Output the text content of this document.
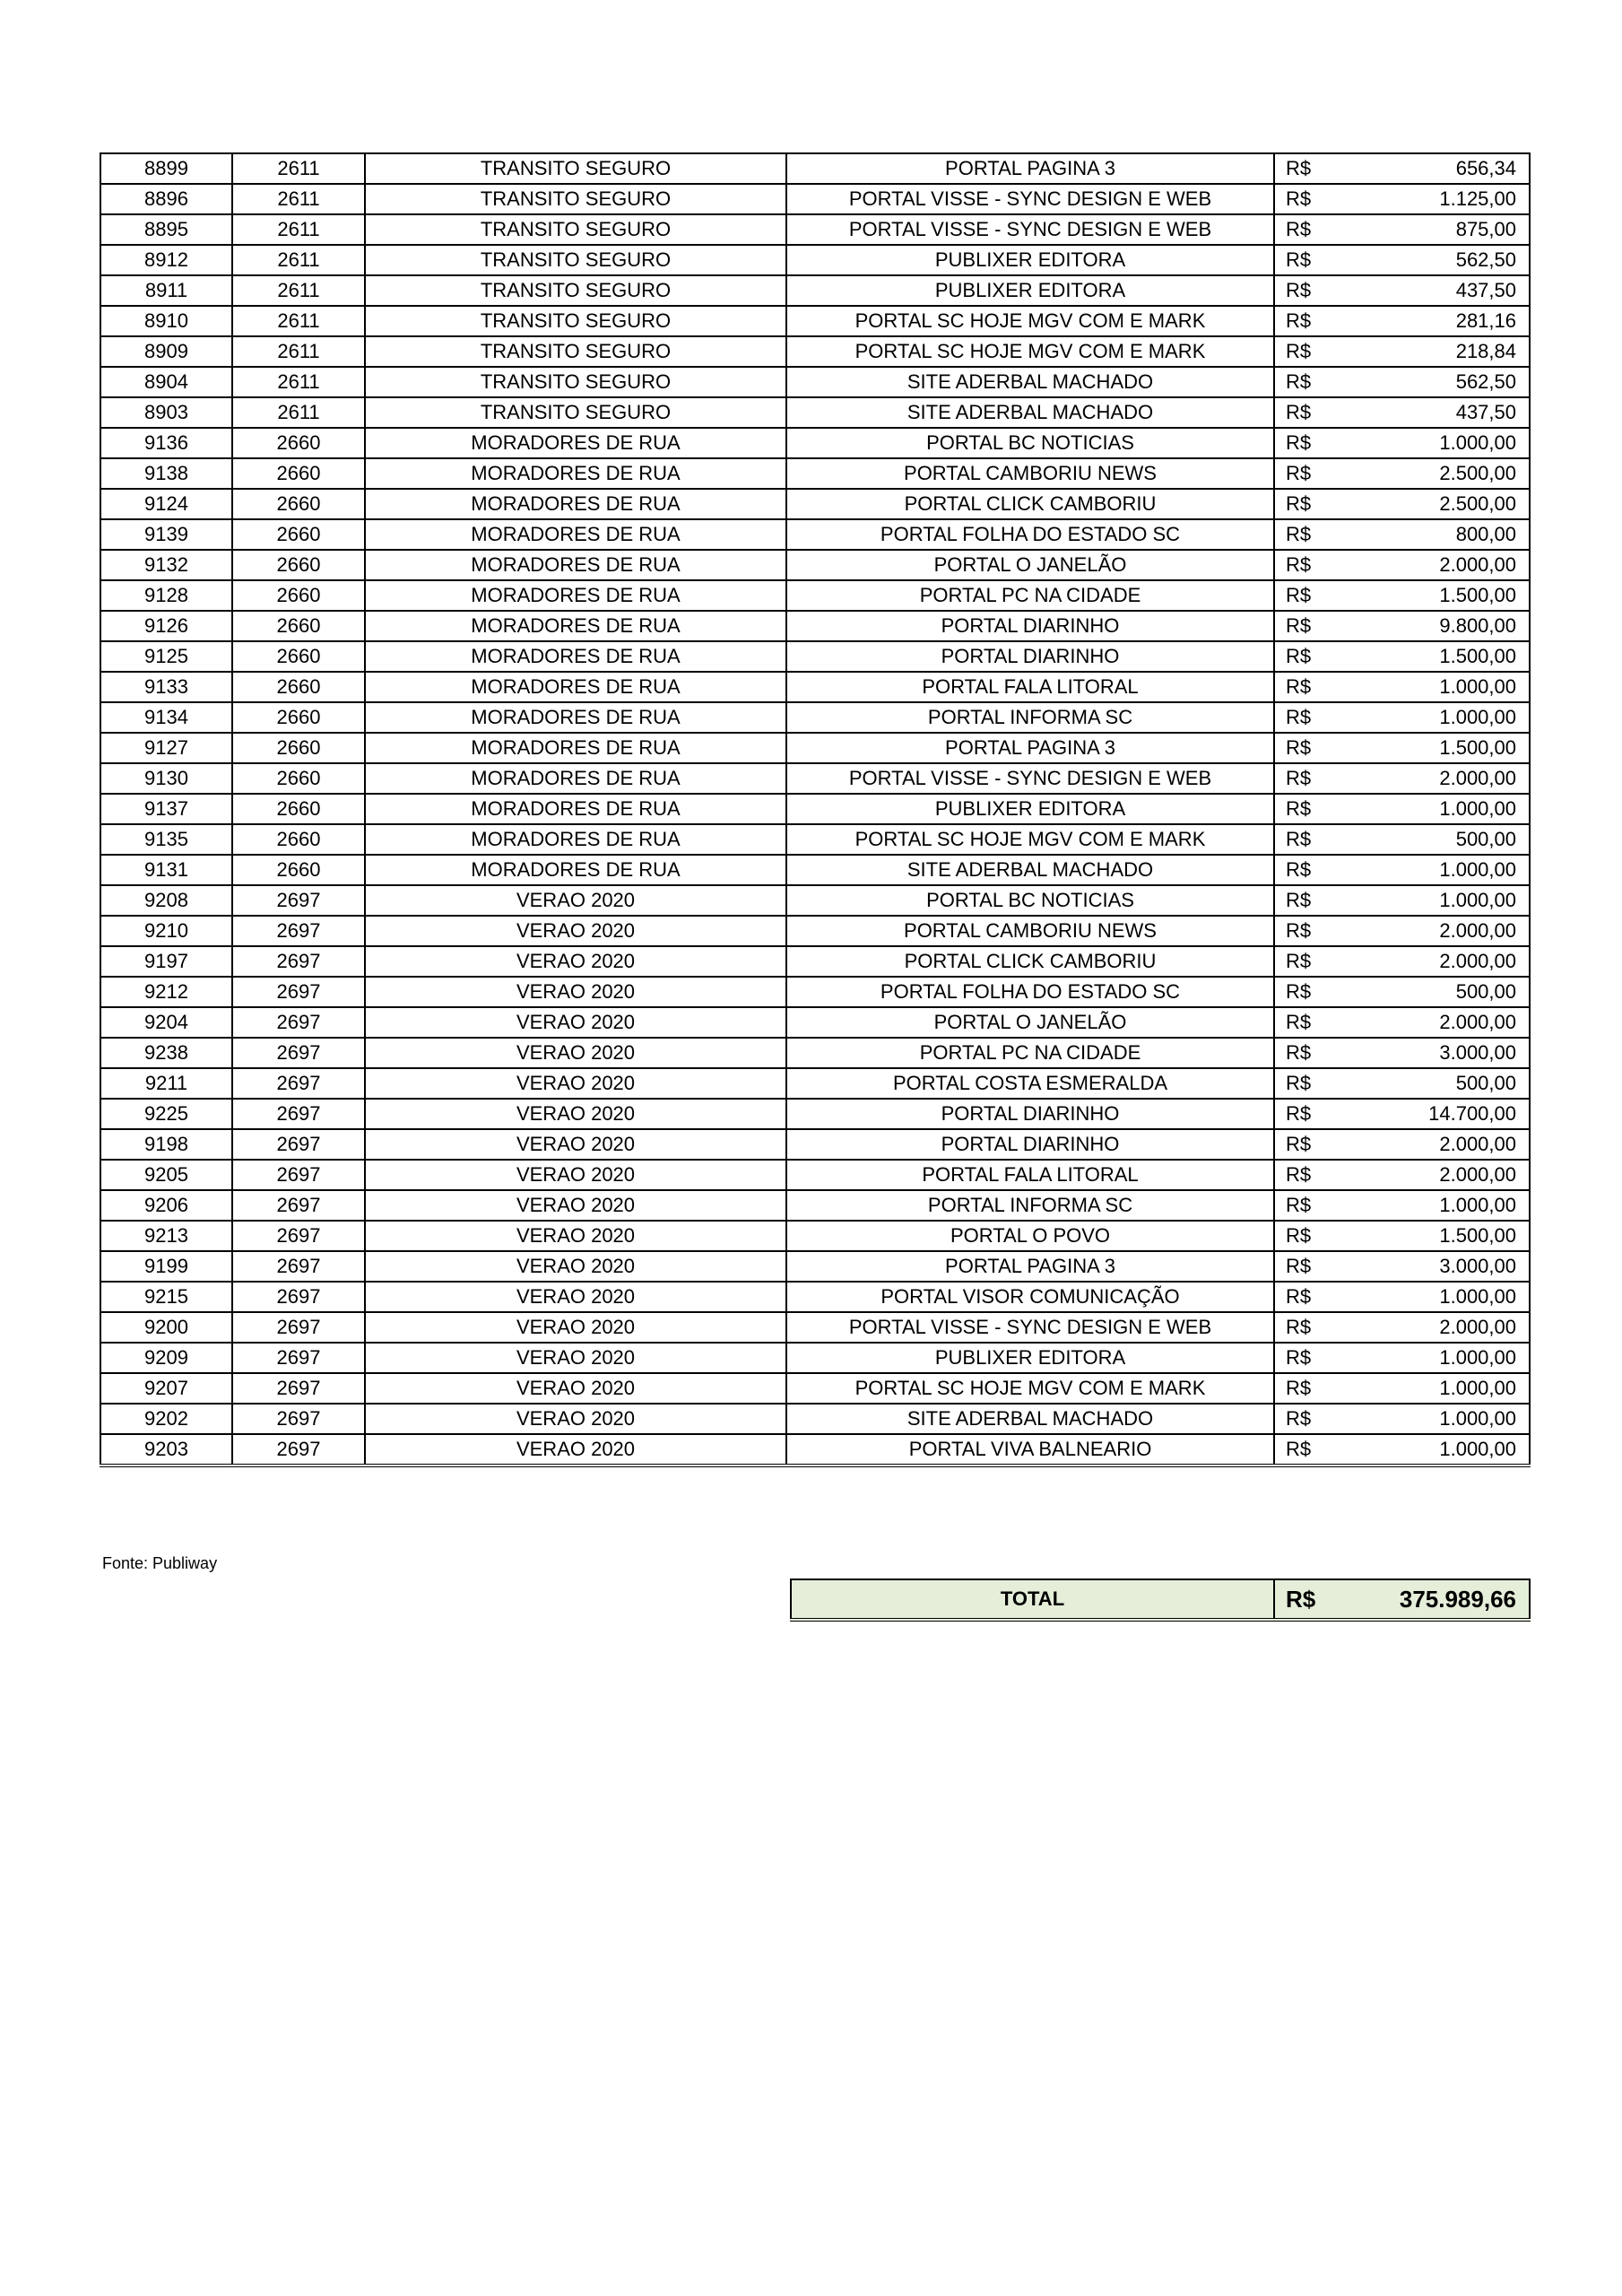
8899	2611	TRANSITO SEGURO	PORTAL PAGINA 3	R$	656,34
8896	2611	TRANSITO SEGURO	PORTAL VISSE - SYNC DESIGN E WEB	R$	1.125,00
8895	2611	TRANSITO SEGURO	PORTAL VISSE - SYNC DESIGN E WEB	R$	875,00
8912	2611	TRANSITO SEGURO	PUBLIXER EDITORA	R$	562,50
8911	2611	TRANSITO SEGURO	PUBLIXER EDITORA	R$	437,50
8910	2611	TRANSITO SEGURO	PORTAL SC HOJE MGV COM E MARK	R$	281,16
8909	2611	TRANSITO SEGURO	PORTAL SC HOJE MGV COM E MARK	R$	218,84
8904	2611	TRANSITO SEGURO	SITE ADERBAL MACHADO	R$	562,50
8903	2611	TRANSITO SEGURO	SITE ADERBAL MACHADO	R$	437,50
9136	2660	MORADORES DE RUA	PORTAL BC NOTICIAS	R$	1.000,00
9138	2660	MORADORES DE RUA	PORTAL CAMBORIU NEWS	R$	2.500,00
9124	2660	MORADORES DE RUA	PORTAL CLICK CAMBORIU	R$	2.500,00
9139	2660	MORADORES DE RUA	PORTAL FOLHA DO ESTADO SC	R$	800,00
9132	2660	MORADORES DE RUA	PORTAL O JANELÃO	R$	2.000,00
9128	2660	MORADORES DE RUA	PORTAL PC NA CIDADE	R$	1.500,00
9126	2660	MORADORES DE RUA	PORTAL DIARINHO	R$	9.800,00
9125	2660	MORADORES DE RUA	PORTAL DIARINHO	R$	1.500,00
9133	2660	MORADORES DE RUA	PORTAL FALA LITORAL	R$	1.000,00
9134	2660	MORADORES DE RUA	PORTAL INFORMA SC	R$	1.000,00
9127	2660	MORADORES DE RUA	PORTAL PAGINA 3	R$	1.500,00
9130	2660	MORADORES DE RUA	PORTAL VISSE - SYNC DESIGN E WEB	R$	2.000,00
9137	2660	MORADORES DE RUA	PUBLIXER EDITORA	R$	1.000,00
9135	2660	MORADORES DE RUA	PORTAL SC HOJE MGV COM E MARK	R$	500,00
9131	2660	MORADORES DE RUA	SITE ADERBAL MACHADO	R$	1.000,00
9208	2697	VERAO 2020	PORTAL BC NOTICIAS	R$	1.000,00
9210	2697	VERAO 2020	PORTAL CAMBORIU NEWS	R$	2.000,00
9197	2697	VERAO 2020	PORTAL CLICK CAMBORIU	R$	2.000,00
9212	2697	VERAO 2020	PORTAL FOLHA DO ESTADO SC	R$	500,00
9204	2697	VERAO 2020	PORTAL O JANELÃO	R$	2.000,00
9238	2697	VERAO 2020	PORTAL PC NA CIDADE	R$	3.000,00
9211	2697	VERAO 2020	PORTAL COSTA ESMERALDA	R$	500,00
9225	2697	VERAO 2020	PORTAL DIARINHO	R$	14.700,00
9198	2697	VERAO 2020	PORTAL DIARINHO	R$	2.000,00
9205	2697	VERAO 2020	PORTAL FALA LITORAL	R$	2.000,00
9206	2697	VERAO 2020	PORTAL INFORMA SC	R$	1.000,00
9213	2697	VERAO 2020	PORTAL O POVO	R$	1.500,00
9199	2697	VERAO 2020	PORTAL PAGINA 3	R$	3.000,00
9215	2697	VERAO 2020	PORTAL VISOR COMUNICAÇÃO	R$	1.000,00
9200	2697	VERAO 2020	PORTAL VISSE - SYNC DESIGN E WEB	R$	2.000,00
9209	2697	VERAO 2020	PUBLIXER EDITORA	R$	1.000,00
9207	2697	VERAO 2020	PORTAL SC HOJE MGV COM E MARK	R$	1.000,00
9202	2697	VERAO 2020	SITE ADERBAL MACHADO	R$	1.000,00
9203	2697	VERAO 2020	PORTAL VIVA BALNEARIO	R$	1.000,00
Fonte: Publiway
TOTAL	R$	375.989,66
